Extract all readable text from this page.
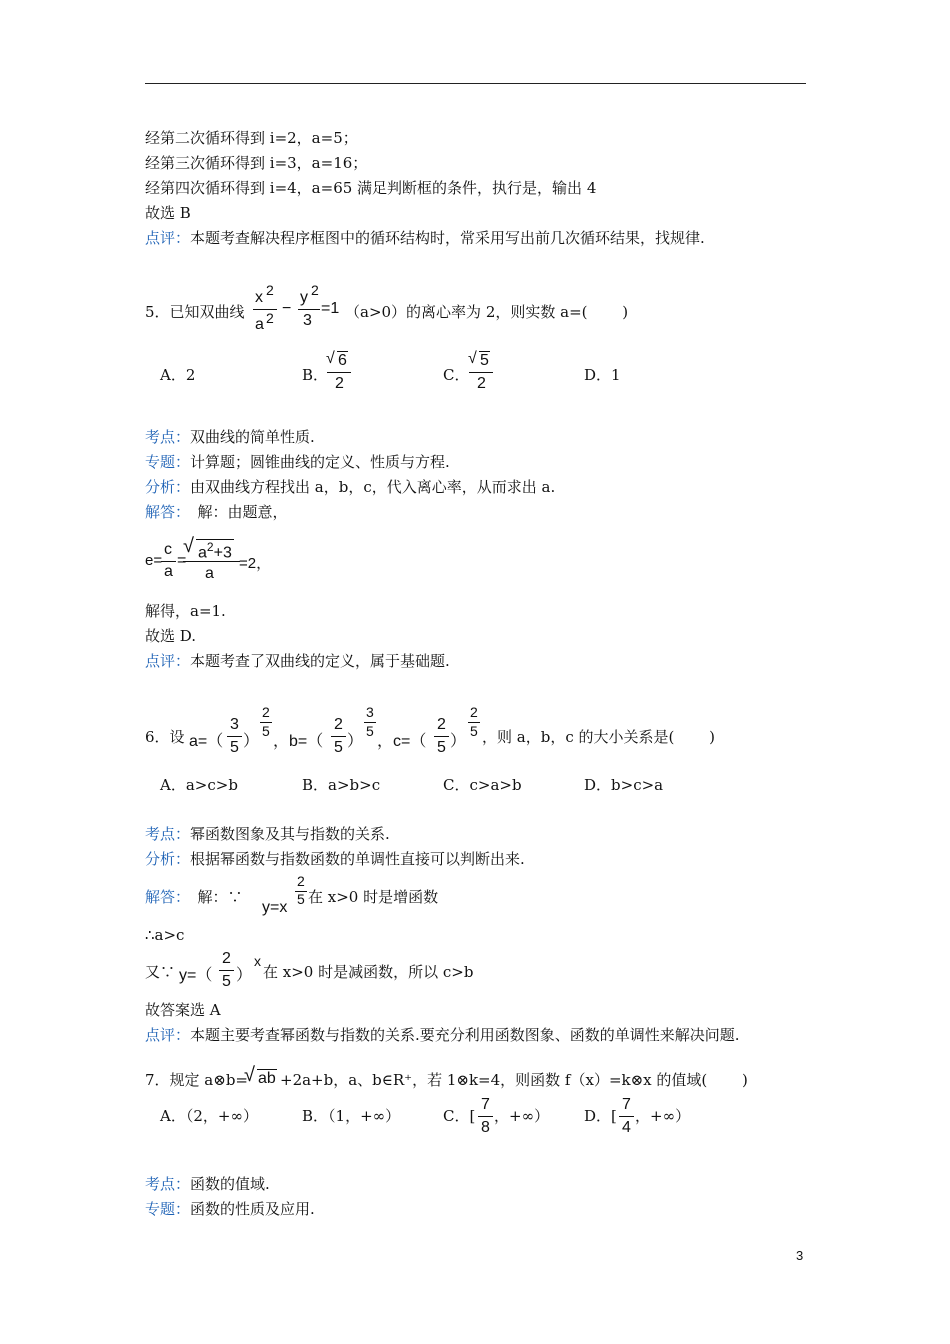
经第二次循环得到 i=2，a=5；
经第三次循环得到 i=3，a=16；
经第四次循环得到 i=4，a=65 满足判断框的条件，执行是，输出 4
故选 B
点评：本题考查解决程序框图中的循环结构时，常采用写出前几次循环结果，找规律.
5．已知双曲线
x 2
a 2
−
y 2
3
=1 （a>0）的离心率为 2，则实数 a=(　　 )
A．2	B．
√ 6
2	C．
√ 5
2	D．1
考点：双曲线的简单性质.
专题：计算题；圆锥曲线的定义、性质与方程.
分析：由双曲线方程找出 a，b，c，代入离心率，从而求出 a.
解答：　解：由题意，
e=
c
a
=
√ $a^2+3$
a
=2，
解得，a=1.
故选 D.
点评：本题考查了双曲线的定义，属于基础题.
6．设 a=（
3
5 ）
2
5
，b=（
2
5 ）
3
5
，c=（
2
5 ）
2
5 ，则 a，b，c 的大小关系是(　　 )
A．a>c>b	B．a>b>c	C．c>a>b	D．b>c>a
考点：幂函数图象及其与指数的关系.
分析：根据幂函数与指数函数的单调性直接可以判断出来.
解答：　解：∵
y=x
2
5 在 x>0 时是增函数
∴a>c
又∵ y=（
2
5 ）
x
在 x>0 时是减函数，所以 c>b
故答案选 A
点评：本题主要考查幂函数与指数的关系.要充分利用函数图象、函数的单调性来解决问题.
7．规定 a⊗b=
√ ab +2a+b，a、b∈R⁺，若 1⊗k=4，则函数 f（x）=k⊗x 的值域(　　 )
A．（2，+∞）	B．（1，+∞）	C．[
7
8
，+∞） D．[
7
4
，+∞）
考点：函数的值域.
专题：函数的性质及应用.
3
